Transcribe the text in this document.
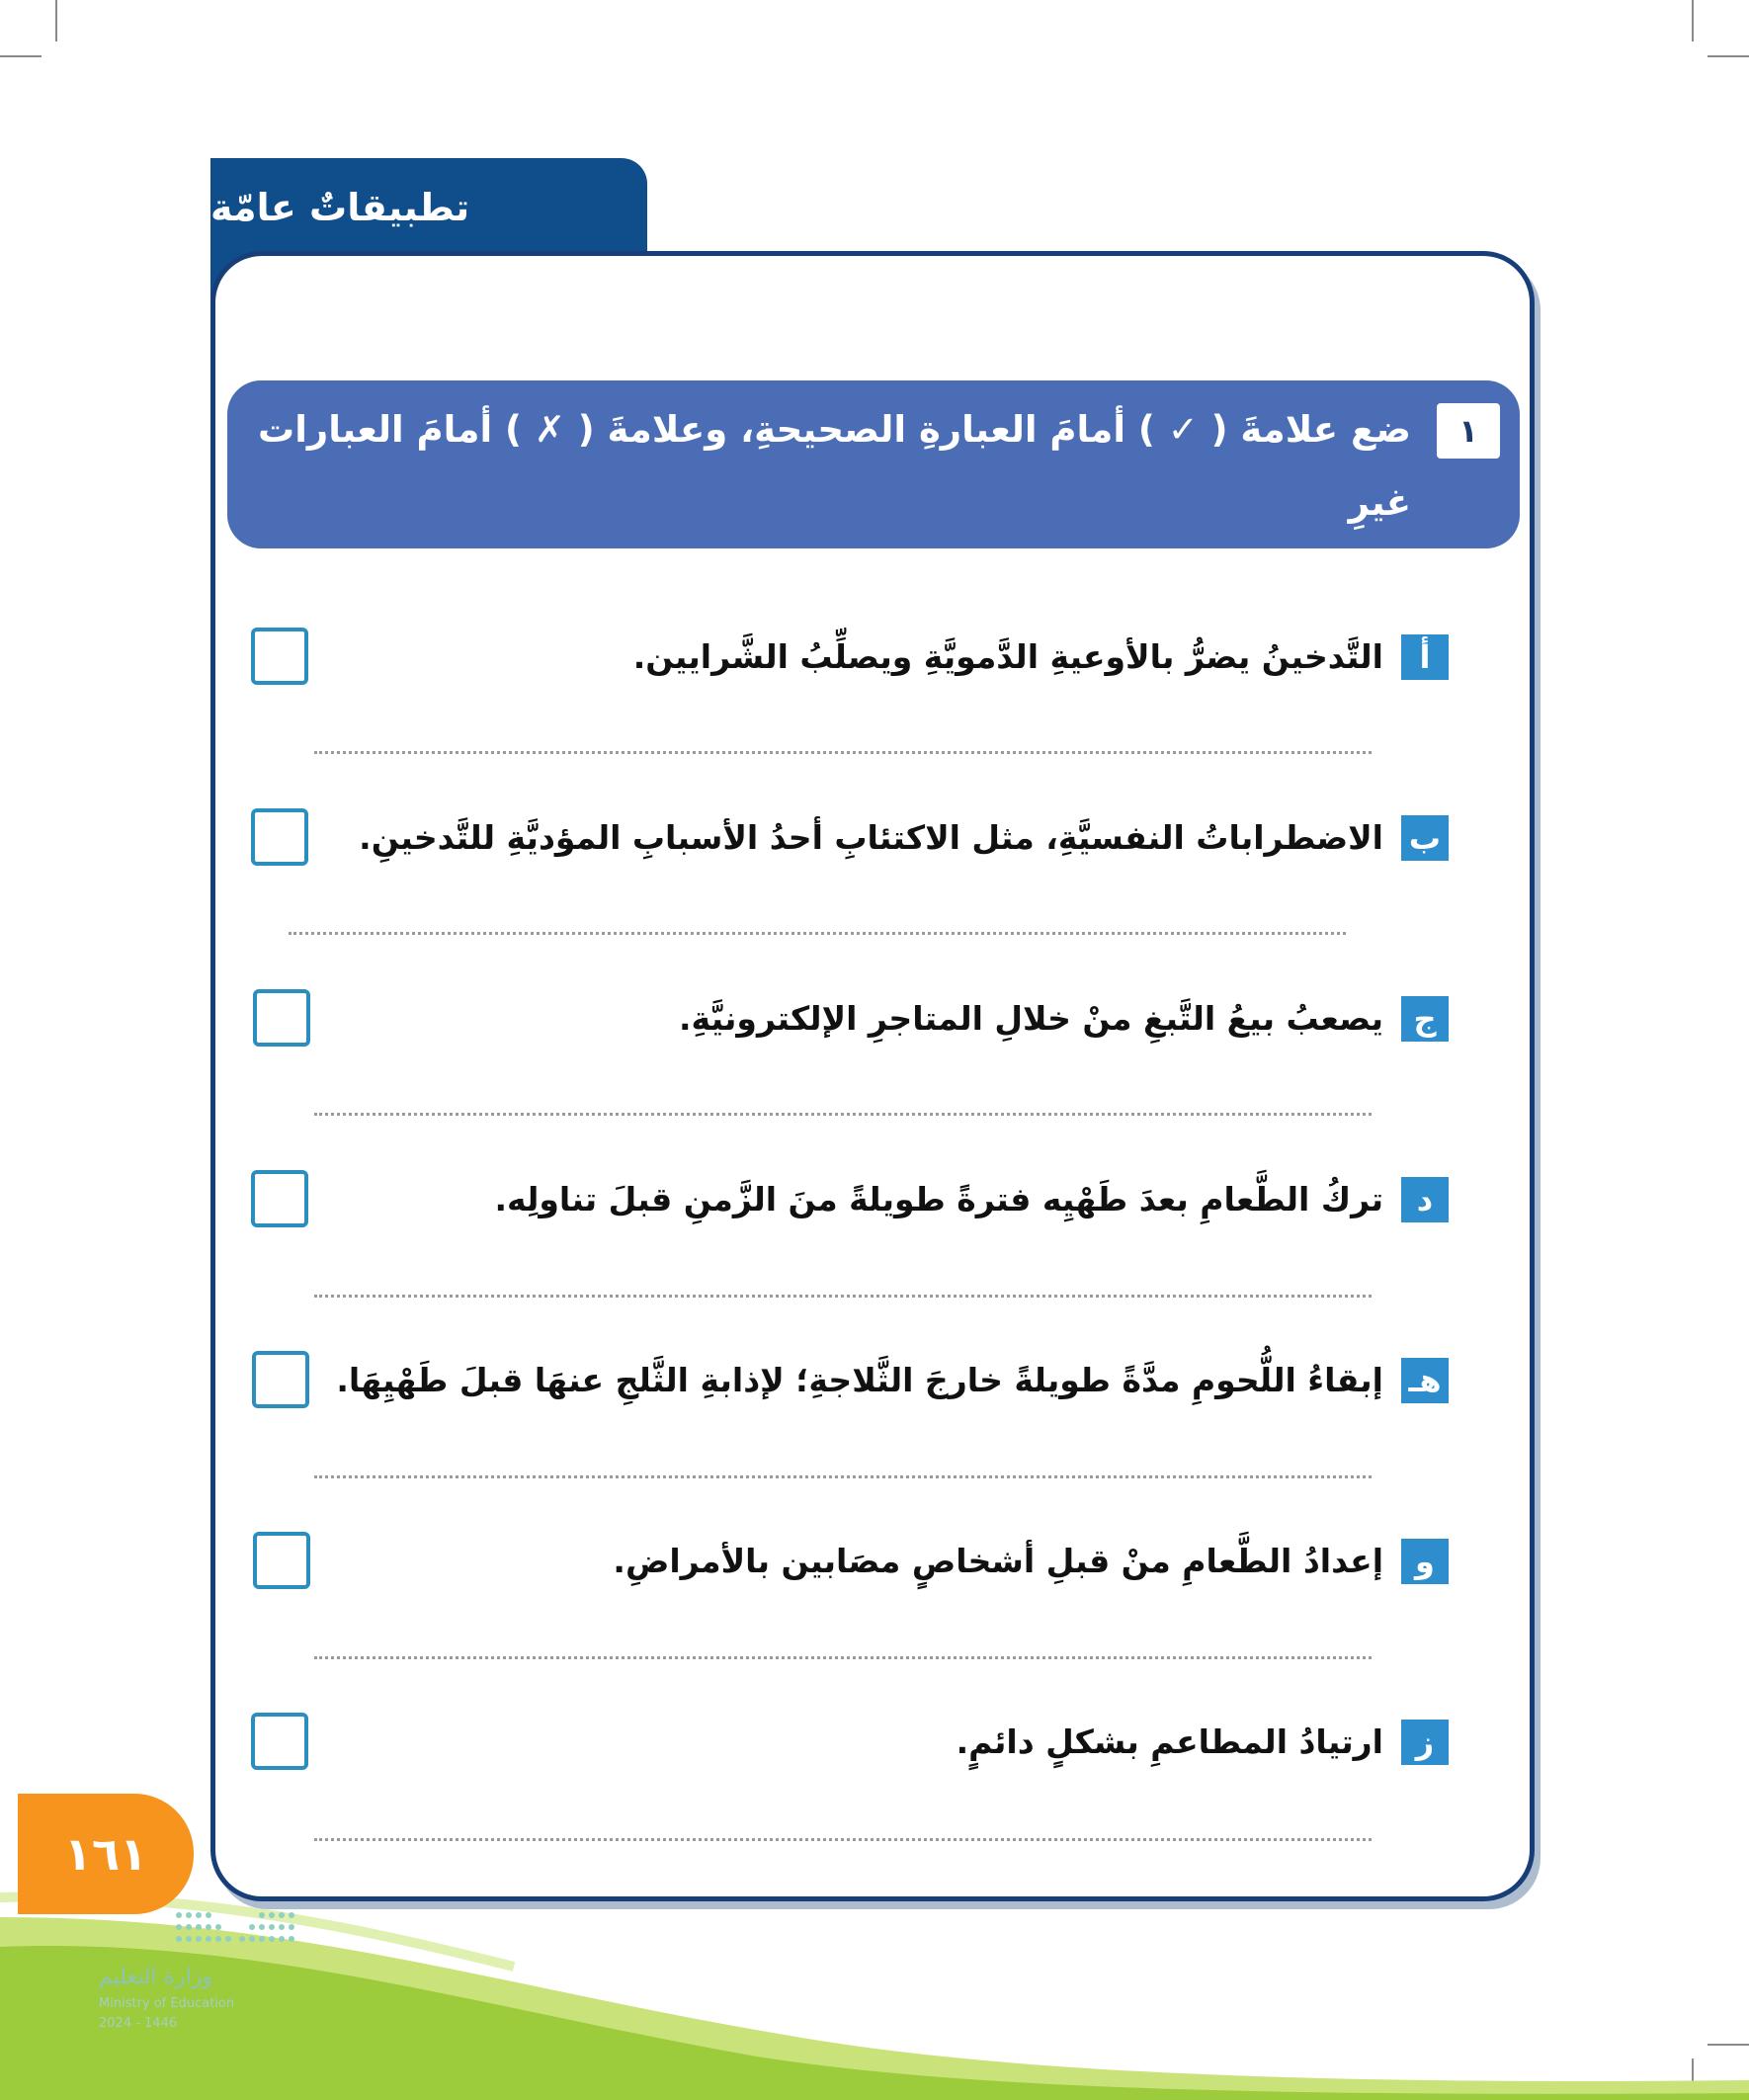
تطبيقاتٌ عامّة
١
ضع علامةَ ( ✓ ) أمامَ العبارةِ الصحيحةِ، وعلامةَ ( ✗ ) أمامَ العبارات غيرِ
الصَّحيحَةِ، مع تصحيحِ الخطأ:
أ
التَّدخينُ يضرُّ بالأوعيةِ الدَّمويَّةِ ويصلِّبُ الشَّرايين.
ب
الاضطراباتُ النفسيَّةِ، مثل الاكتئابِ أحدُ الأسبابِ المؤديَّةِ للتَّدخينِ.
ج
يصعبُ بيعُ التَّبغِ منْ خلالِ المتاجرِ الإلكترونيَّةِ.
د
تركُ الطَّعامِ بعدَ طَهْيِه فترةً طويلةً منَ الزَّمنِ قبلَ تناولِه.
هـ
إبقاءُ اللُّحومِ مدَّةً طويلةً خارجَ الثَّلاجةِ؛ لإذابةِ الثَّلجِ عنهَا قبلَ طَهْيِهَا.
و
إعدادُ الطَّعامِ منْ قبلِ أشخاصٍ مصَابين بالأمراضِ.
ز
ارتيادُ المطاعمِ بشكلٍ دائمٍ.
وزارة التعليم
Ministry of Education
2024 - 1446
١٦١
